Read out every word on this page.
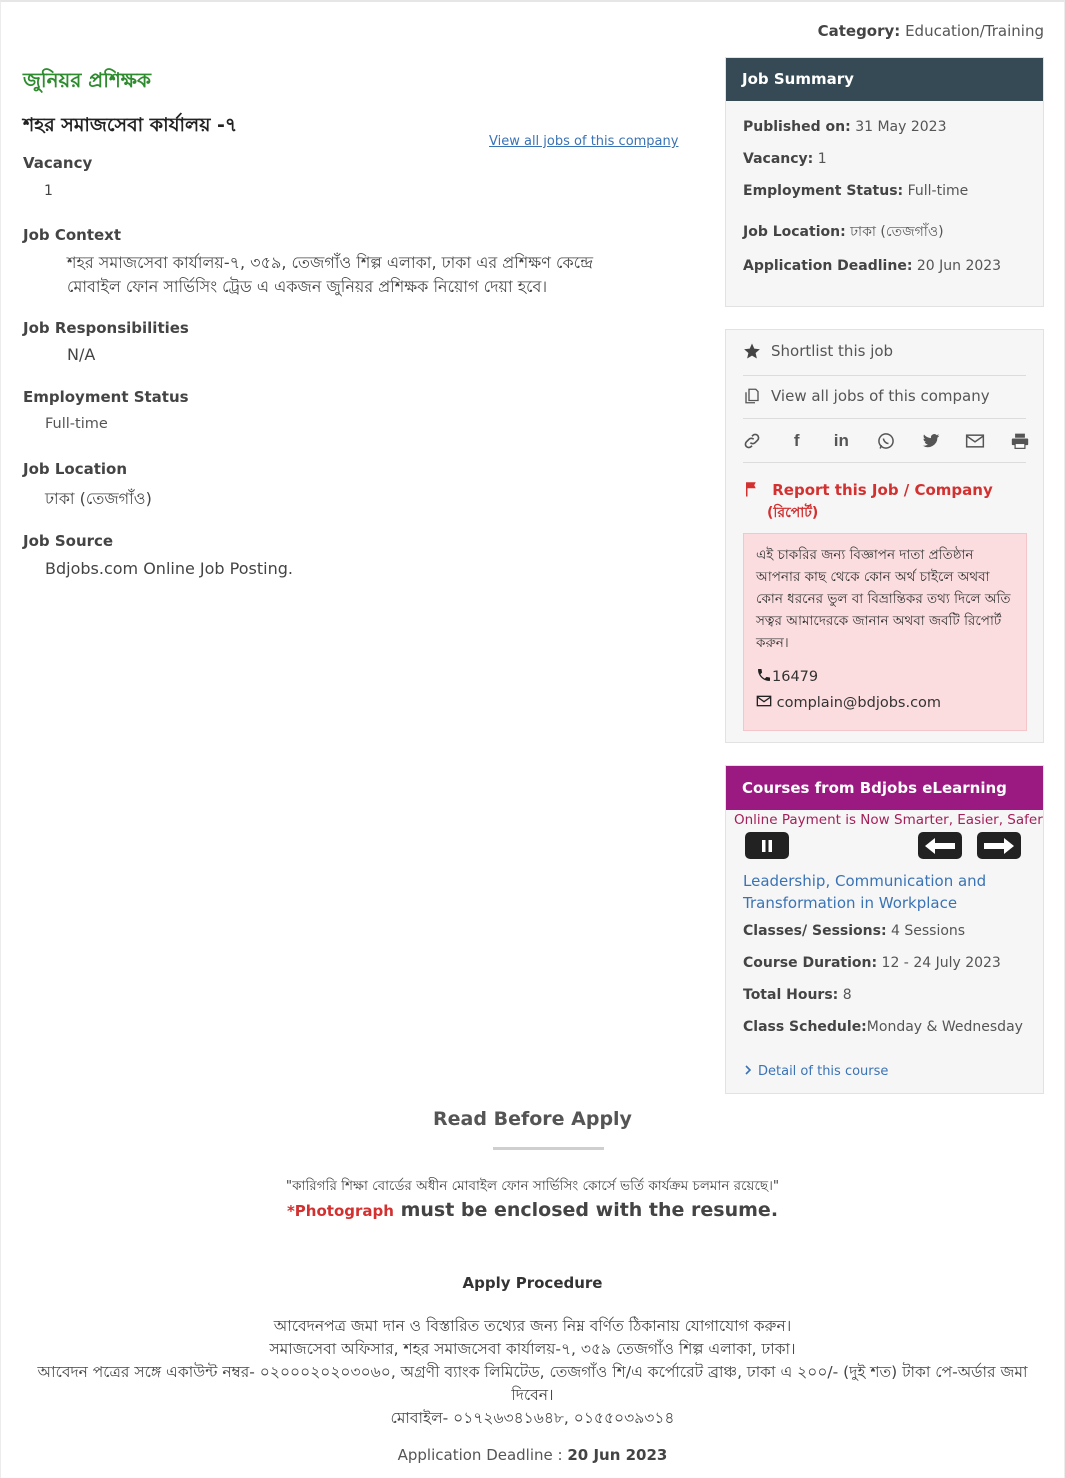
Category: Education/Training
জুনিয়র প্রশিক্ষক
শহর সমাজসেবা কার্যালয় -৭
View all jobs of this company
Vacancy
1
Job Context
শহর সমাজসেবা কার্যালয়-৭, ৩৫৯, তেজগাঁও শিল্প এলাকা, ঢাকা এর প্রশিক্ষণ কেন্দ্রে
মোবাইল ফোন সার্ভিসিং ট্রেড এ একজন জুনিয়র প্রশিক্ষক নিয়োগ দেয়া হবে।
Job Responsibilities
N/A
Employment Status
Full-time
Job Location
ঢাকা (তেজগাঁও)
Job Source
Bdjobs.com Online Job Posting.
Job Summary
Published on: 31 May 2023
Vacancy: 1
Employment Status: Full-time
Job Location: ঢাকা (তেজগাঁও)
Application Deadline: 20 Jun 2023
Shortlist this job
View all jobs of this company
f	in
Report this Job / Company
(রিপোর্ট)
এই চাকরির জন্য বিজ্ঞাপন দাতা প্রতিষ্ঠান আপনার কাছ থেকে কোন অর্থ চাইলে অথবা কোন ধরনের ভুল বা বিভ্রান্তিকর তথ্য দিলে অতি সত্বর আমাদেরকে জানান অথবা জবটি রিপোর্ট করুন।
16479
complain@bdjobs.com
Courses from Bdjobs eLearning
Online Payment is Now Smarter, Easier, Safer
Leadership, Communication and Transformation in Workplace
Classes/ Sessions: 4 Sessions
Course Duration: 12 - 24 July 2023
Total Hours: 8
Class Schedule:Monday & Wednesday
Detail of this course
Read Before Apply
"কারিগরি শিক্ষা বোর্ডের অধীন মোবাইল ফোন সার্ভিসিং কোর্সে ভর্তি কার্যক্রম চলমান রয়েছে।"
*Photograph must be enclosed with the resume.
Apply Procedure
আবেদনপত্র জমা দান ও বিস্তারিত তথ্যের জন্য নিম্ন বর্ণিত ঠিকানায় যোগাযোগ করুন।
সমাজসেবা অফিসার, শহর সমাজসেবা কার্যালয়-৭, ৩৫৯ তেজগাঁও শিল্প এলাকা, ঢাকা।
আবেদন পত্রের সঙ্গে একাউন্ট নম্বর- ০২০০০২০২০৩০৬০, অগ্রণী ব্যাংক লিমিটেড, তেজগাঁও শি/এ কর্পোরেট ব্রাঞ্চ, ঢাকা এ ২০০/- (দুই শত) টাকা পে-অর্ডার জমা দিবেন।
মোবাইল- ০১৭২৬৩৪১৬৪৮, ০১৫৫০৩৯৩১৪
Application Deadline : 20 Jun 2023
